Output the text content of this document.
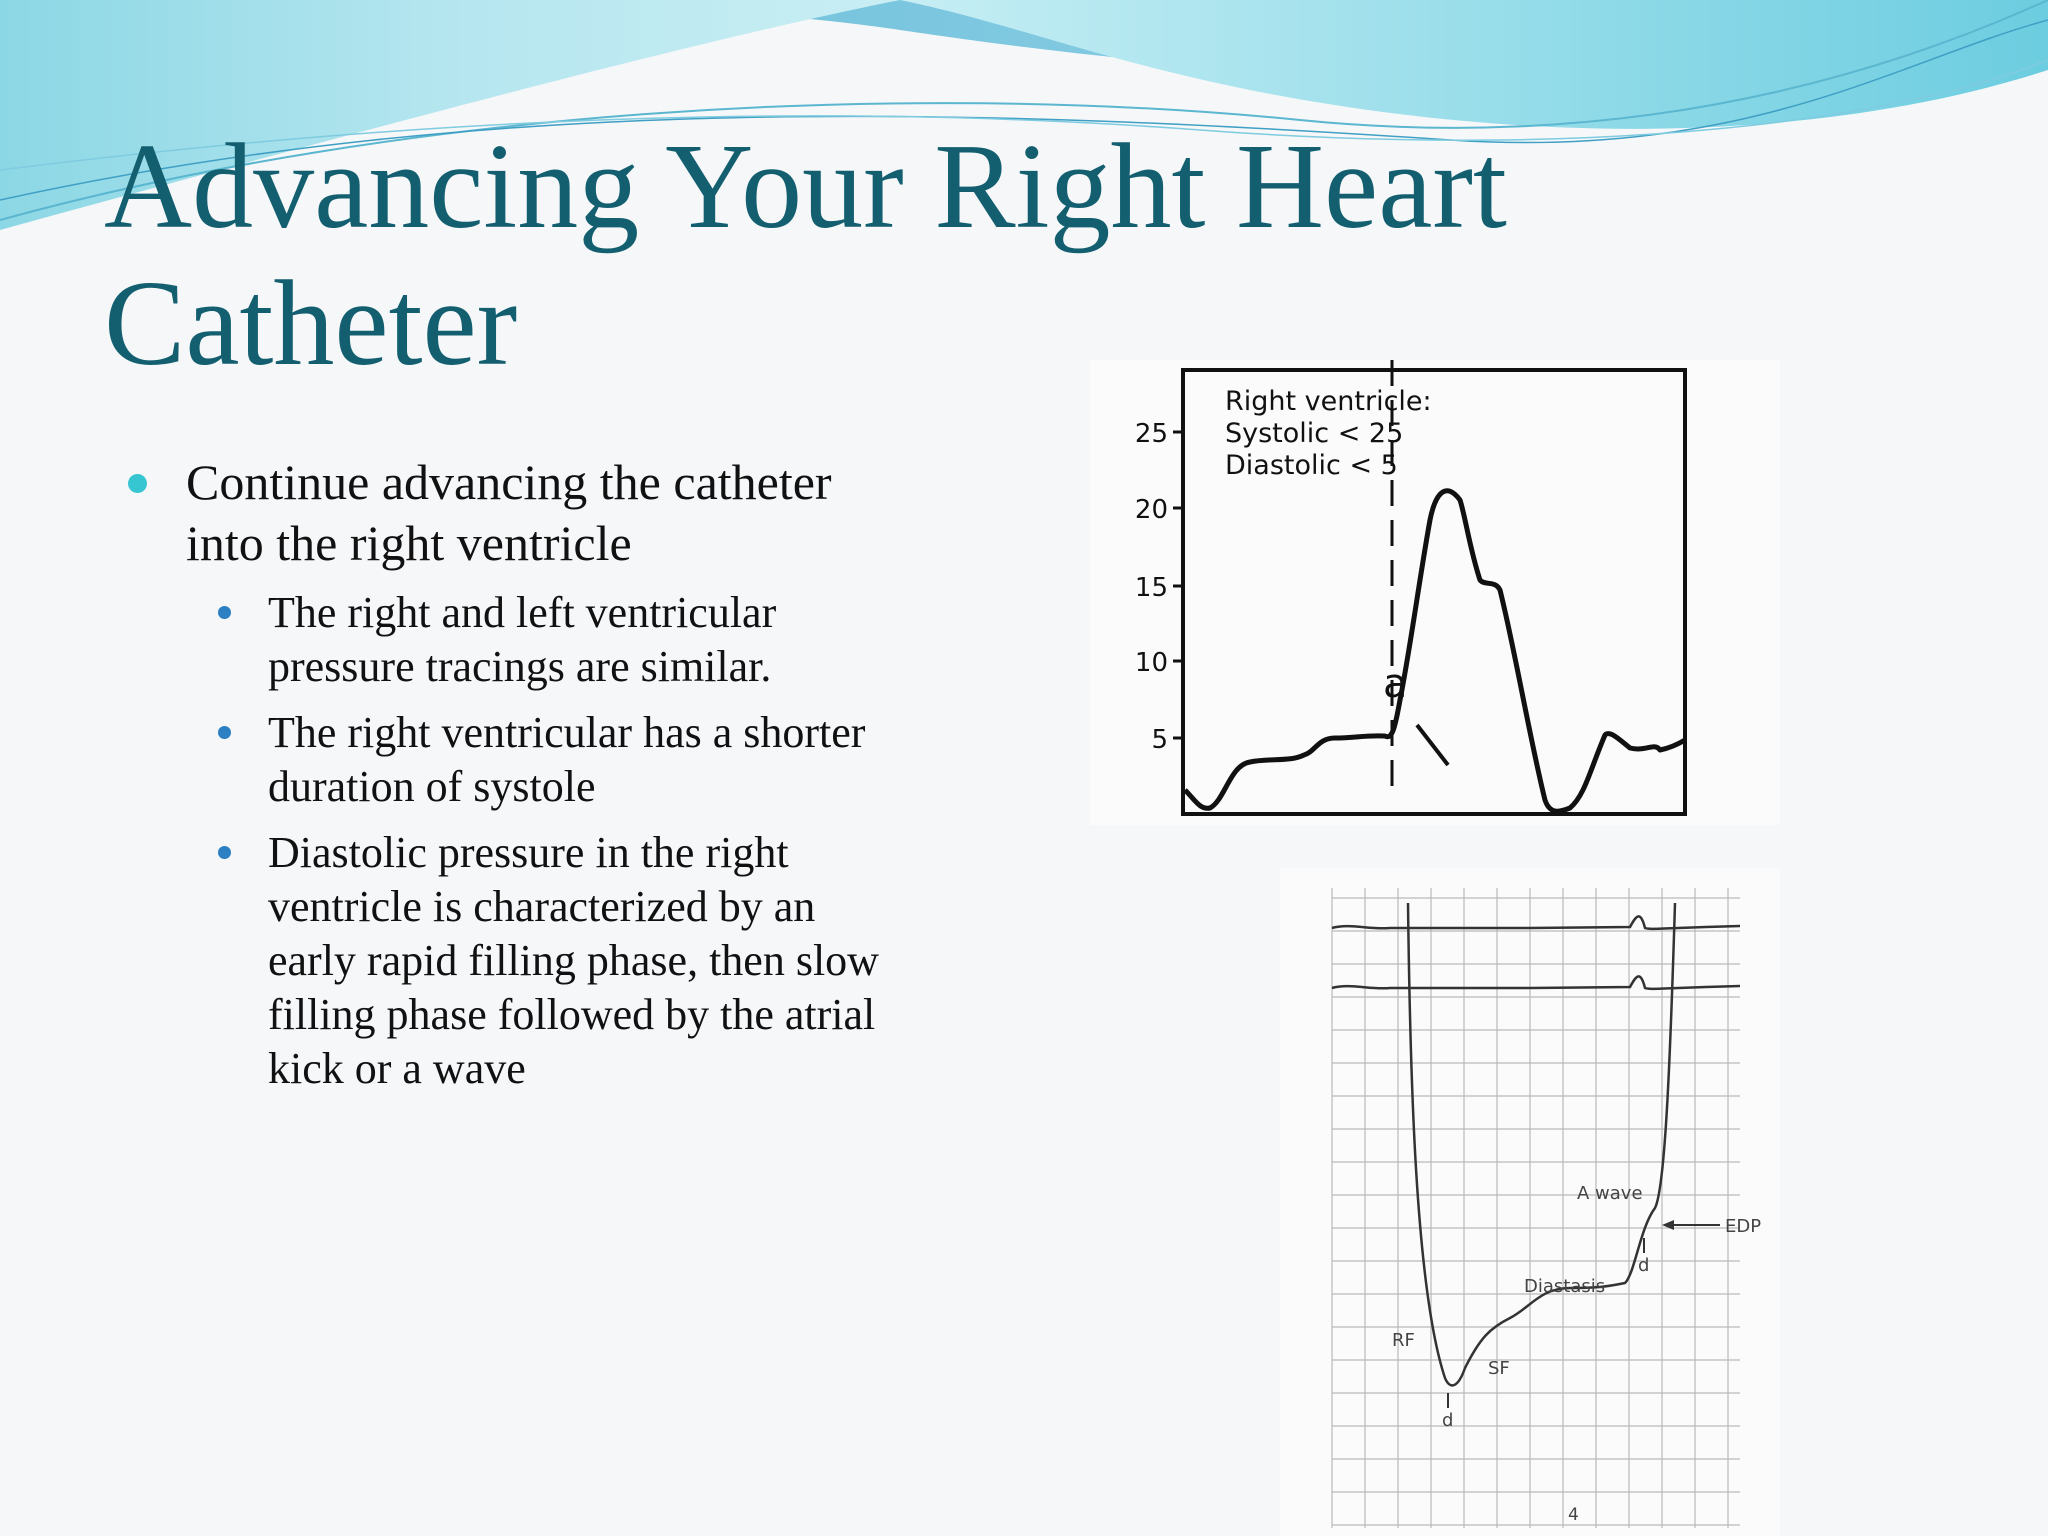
Advancing Your Right Heart
Catheter
Continue advancing the catheter
into the right ventricle
The right and left ventricular
pressure tracings are similar.
The right ventricular has a shorter
duration of systole
Diastolic pressure in the right
ventricle is characterized by an
early rapid filling phase, then slow
filling phase followed by the atrial
kick or a wave
25
20
15
10
5
Right ventricle:
Systolic < 25
Diastolic < 5
a
A wave
EDP
Diastasis
RF
SF
d
d
4
